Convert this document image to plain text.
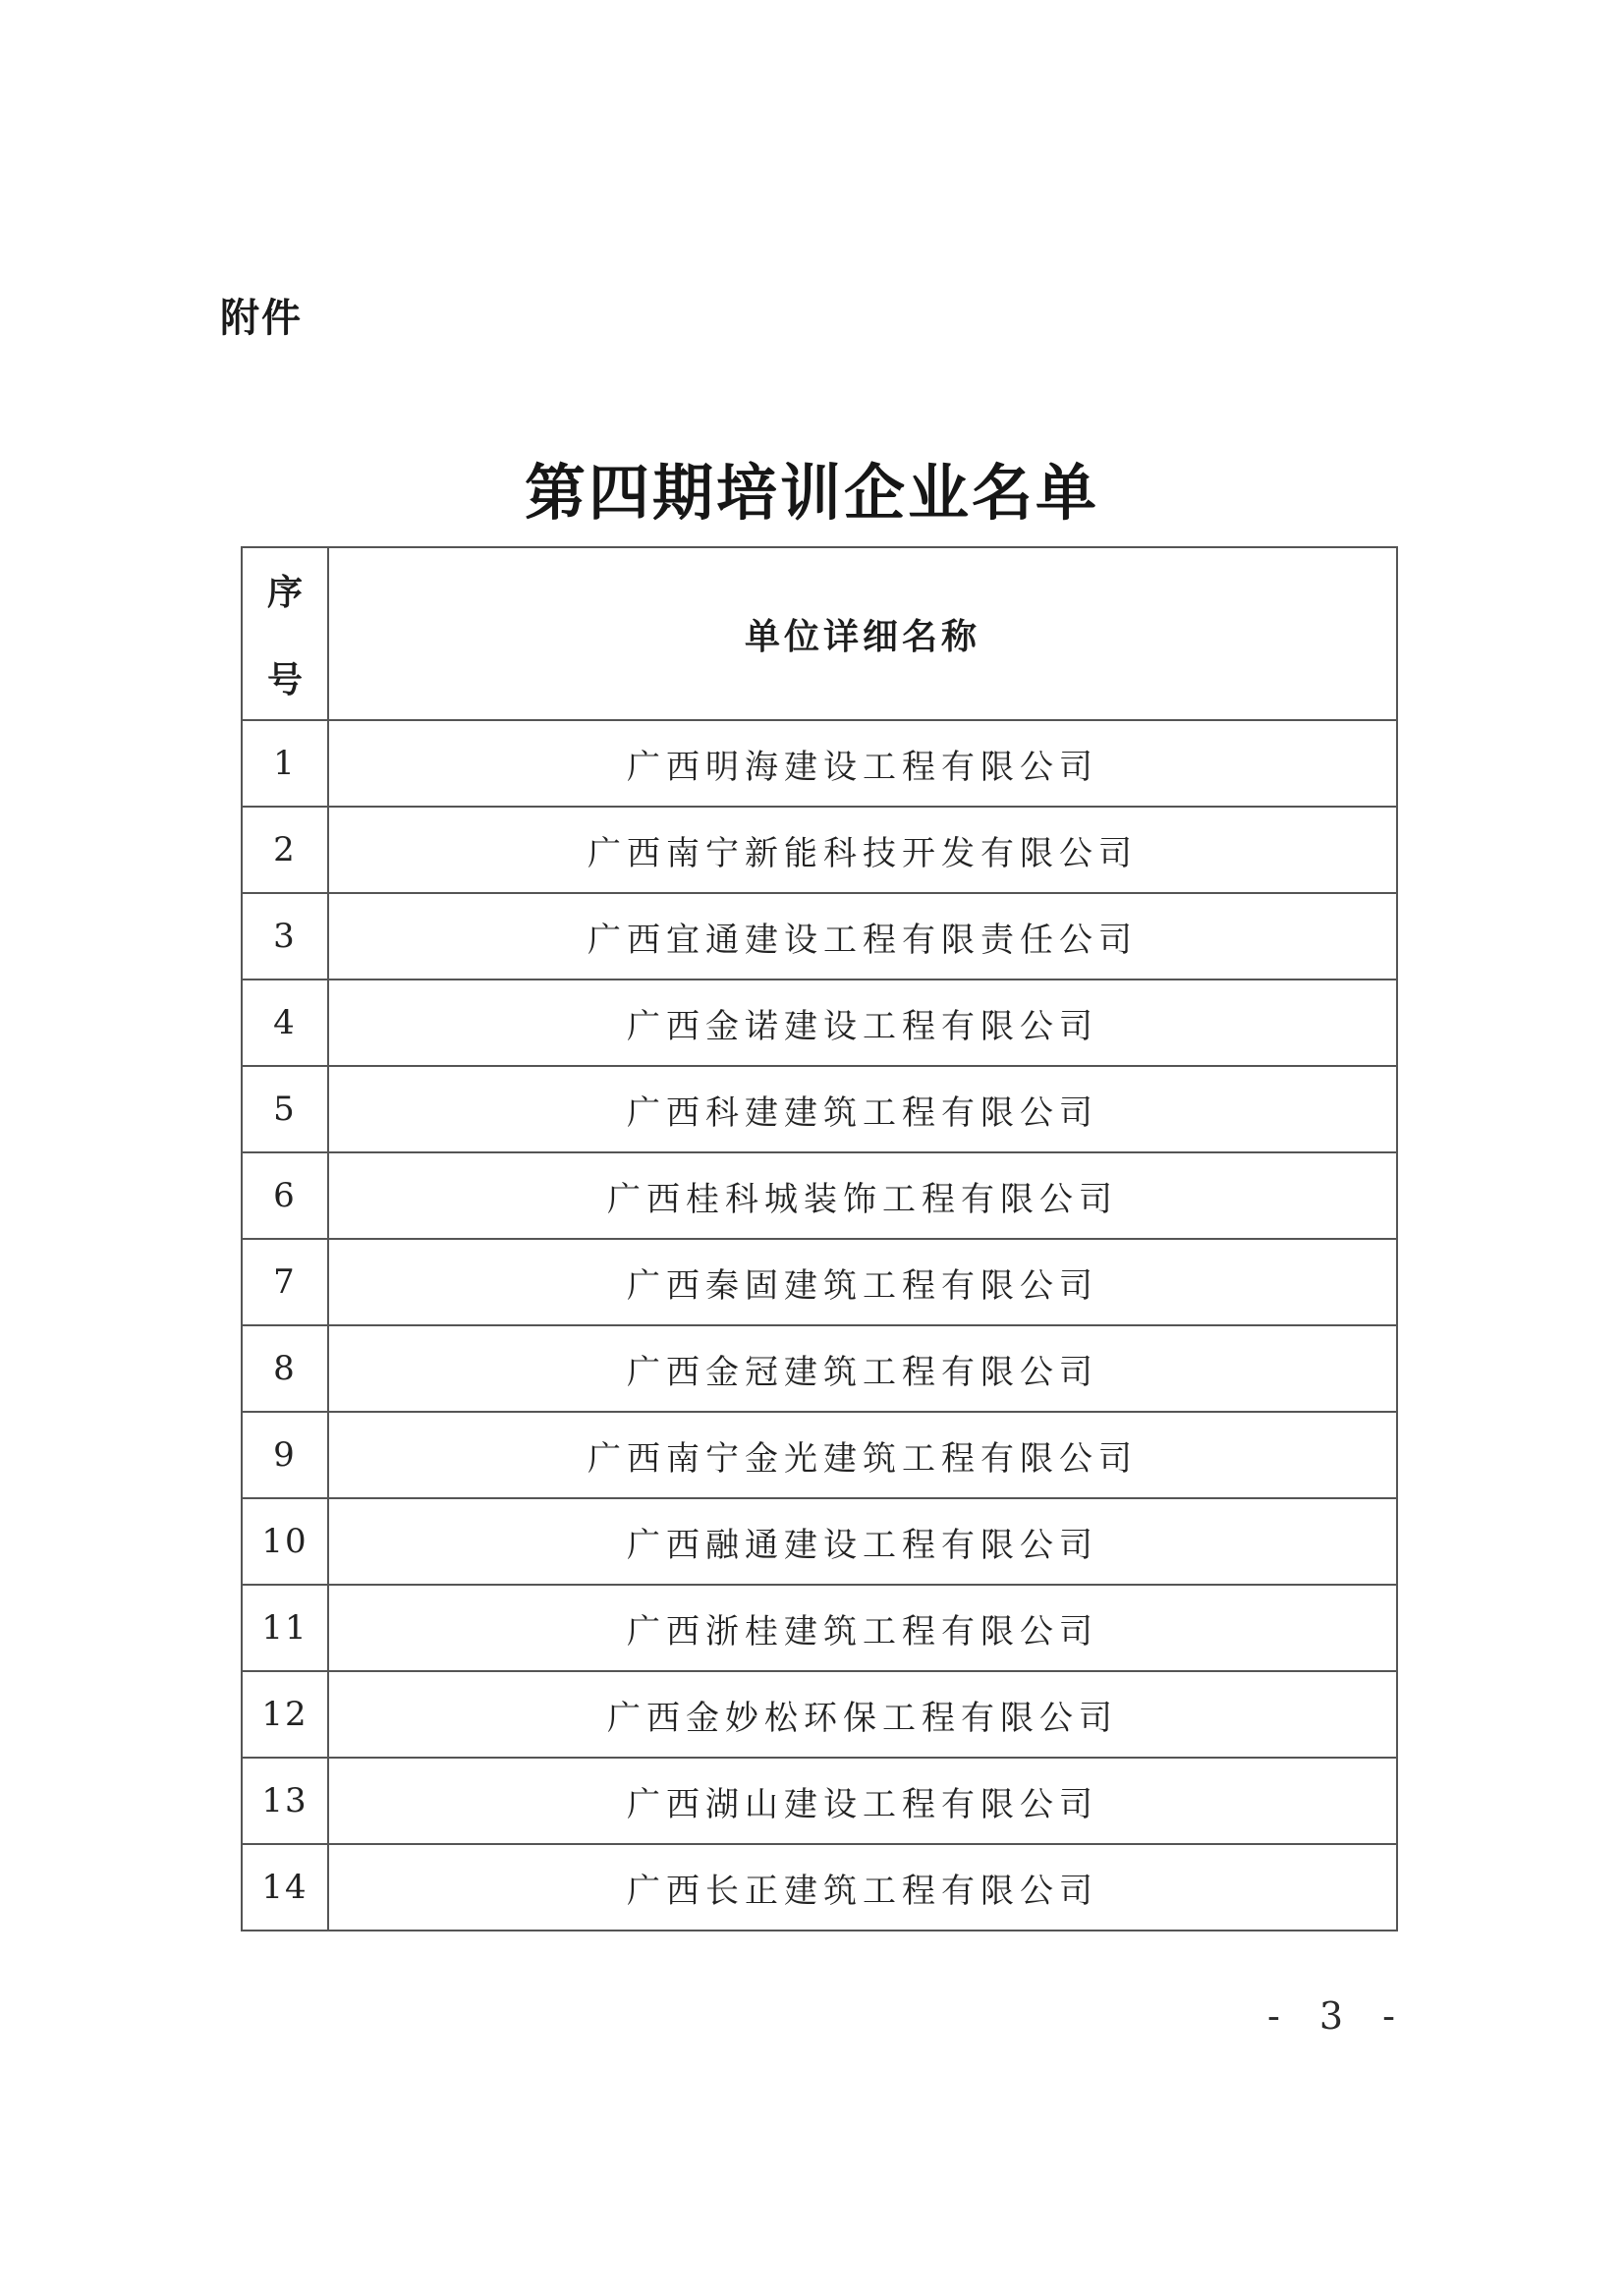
附件
第四期培训企业名单
序
号	单位详细名称
1	广西明海建设工程有限公司
2	广西南宁新能科技开发有限公司
3	广西宜通建设工程有限责任公司
4	广西金诺建设工程有限公司
5	广西科建建筑工程有限公司
6	广西桂科城装饰工程有限公司
7	广西秦固建筑工程有限公司
8	广西金冠建筑工程有限公司
9	广西南宁金光建筑工程有限公司
10	广西融通建设工程有限公司
11	广西浙桂建筑工程有限公司
12	广西金妙松环保工程有限公司
13	广西湖山建设工程有限公司
14	广西长正建筑工程有限公司
- 3 -
